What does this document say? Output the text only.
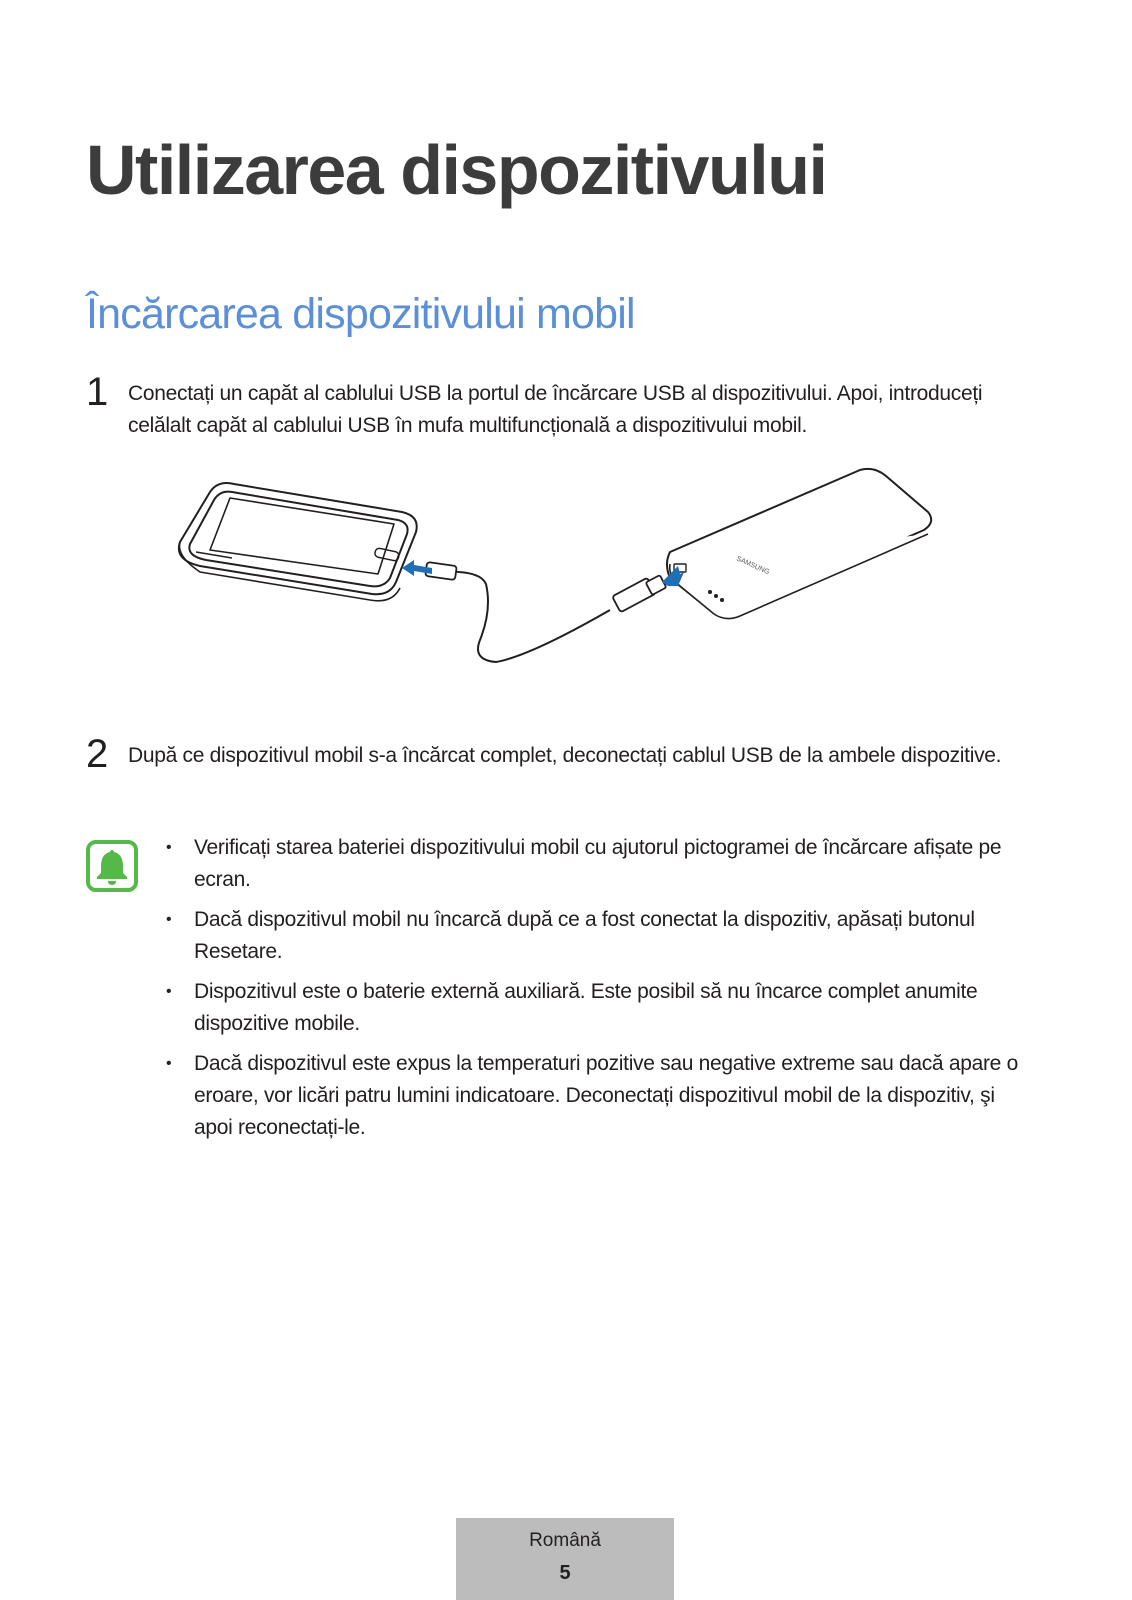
Utilizarea dispozitivului
Încărcarea dispozitivului mobil
1 Conectați un capăt al cablului USB la portul de încărcare USB al dispozitivului. Apoi, introduceți celălalt capăt al cablului USB în mufa multifuncțională a dispozitivului mobil.
SAMSUNG
2 După ce dispozitivul mobil s-a încărcat complet, deconectați cablul USB de la ambele dispozitive.
• Verificați starea bateriei dispozitivului mobil cu ajutorul pictogramei de încărcare afișate pe ecran.
• Dacă dispozitivul mobil nu încarcă după ce a fost conectat la dispozitiv, apăsați butonul Resetare.
• Dispozitivul este o baterie externă auxiliară. Este posibil să nu încarce complet anumite dispozitive mobile.
• Dacă dispozitivul este expus la temperaturi pozitive sau negative extreme sau dacă apare o eroare, vor licări patru lumini indicatoare. Deconectați dispozitivul mobil de la dispozitiv, şi apoi reconectați-le.
Română
5
